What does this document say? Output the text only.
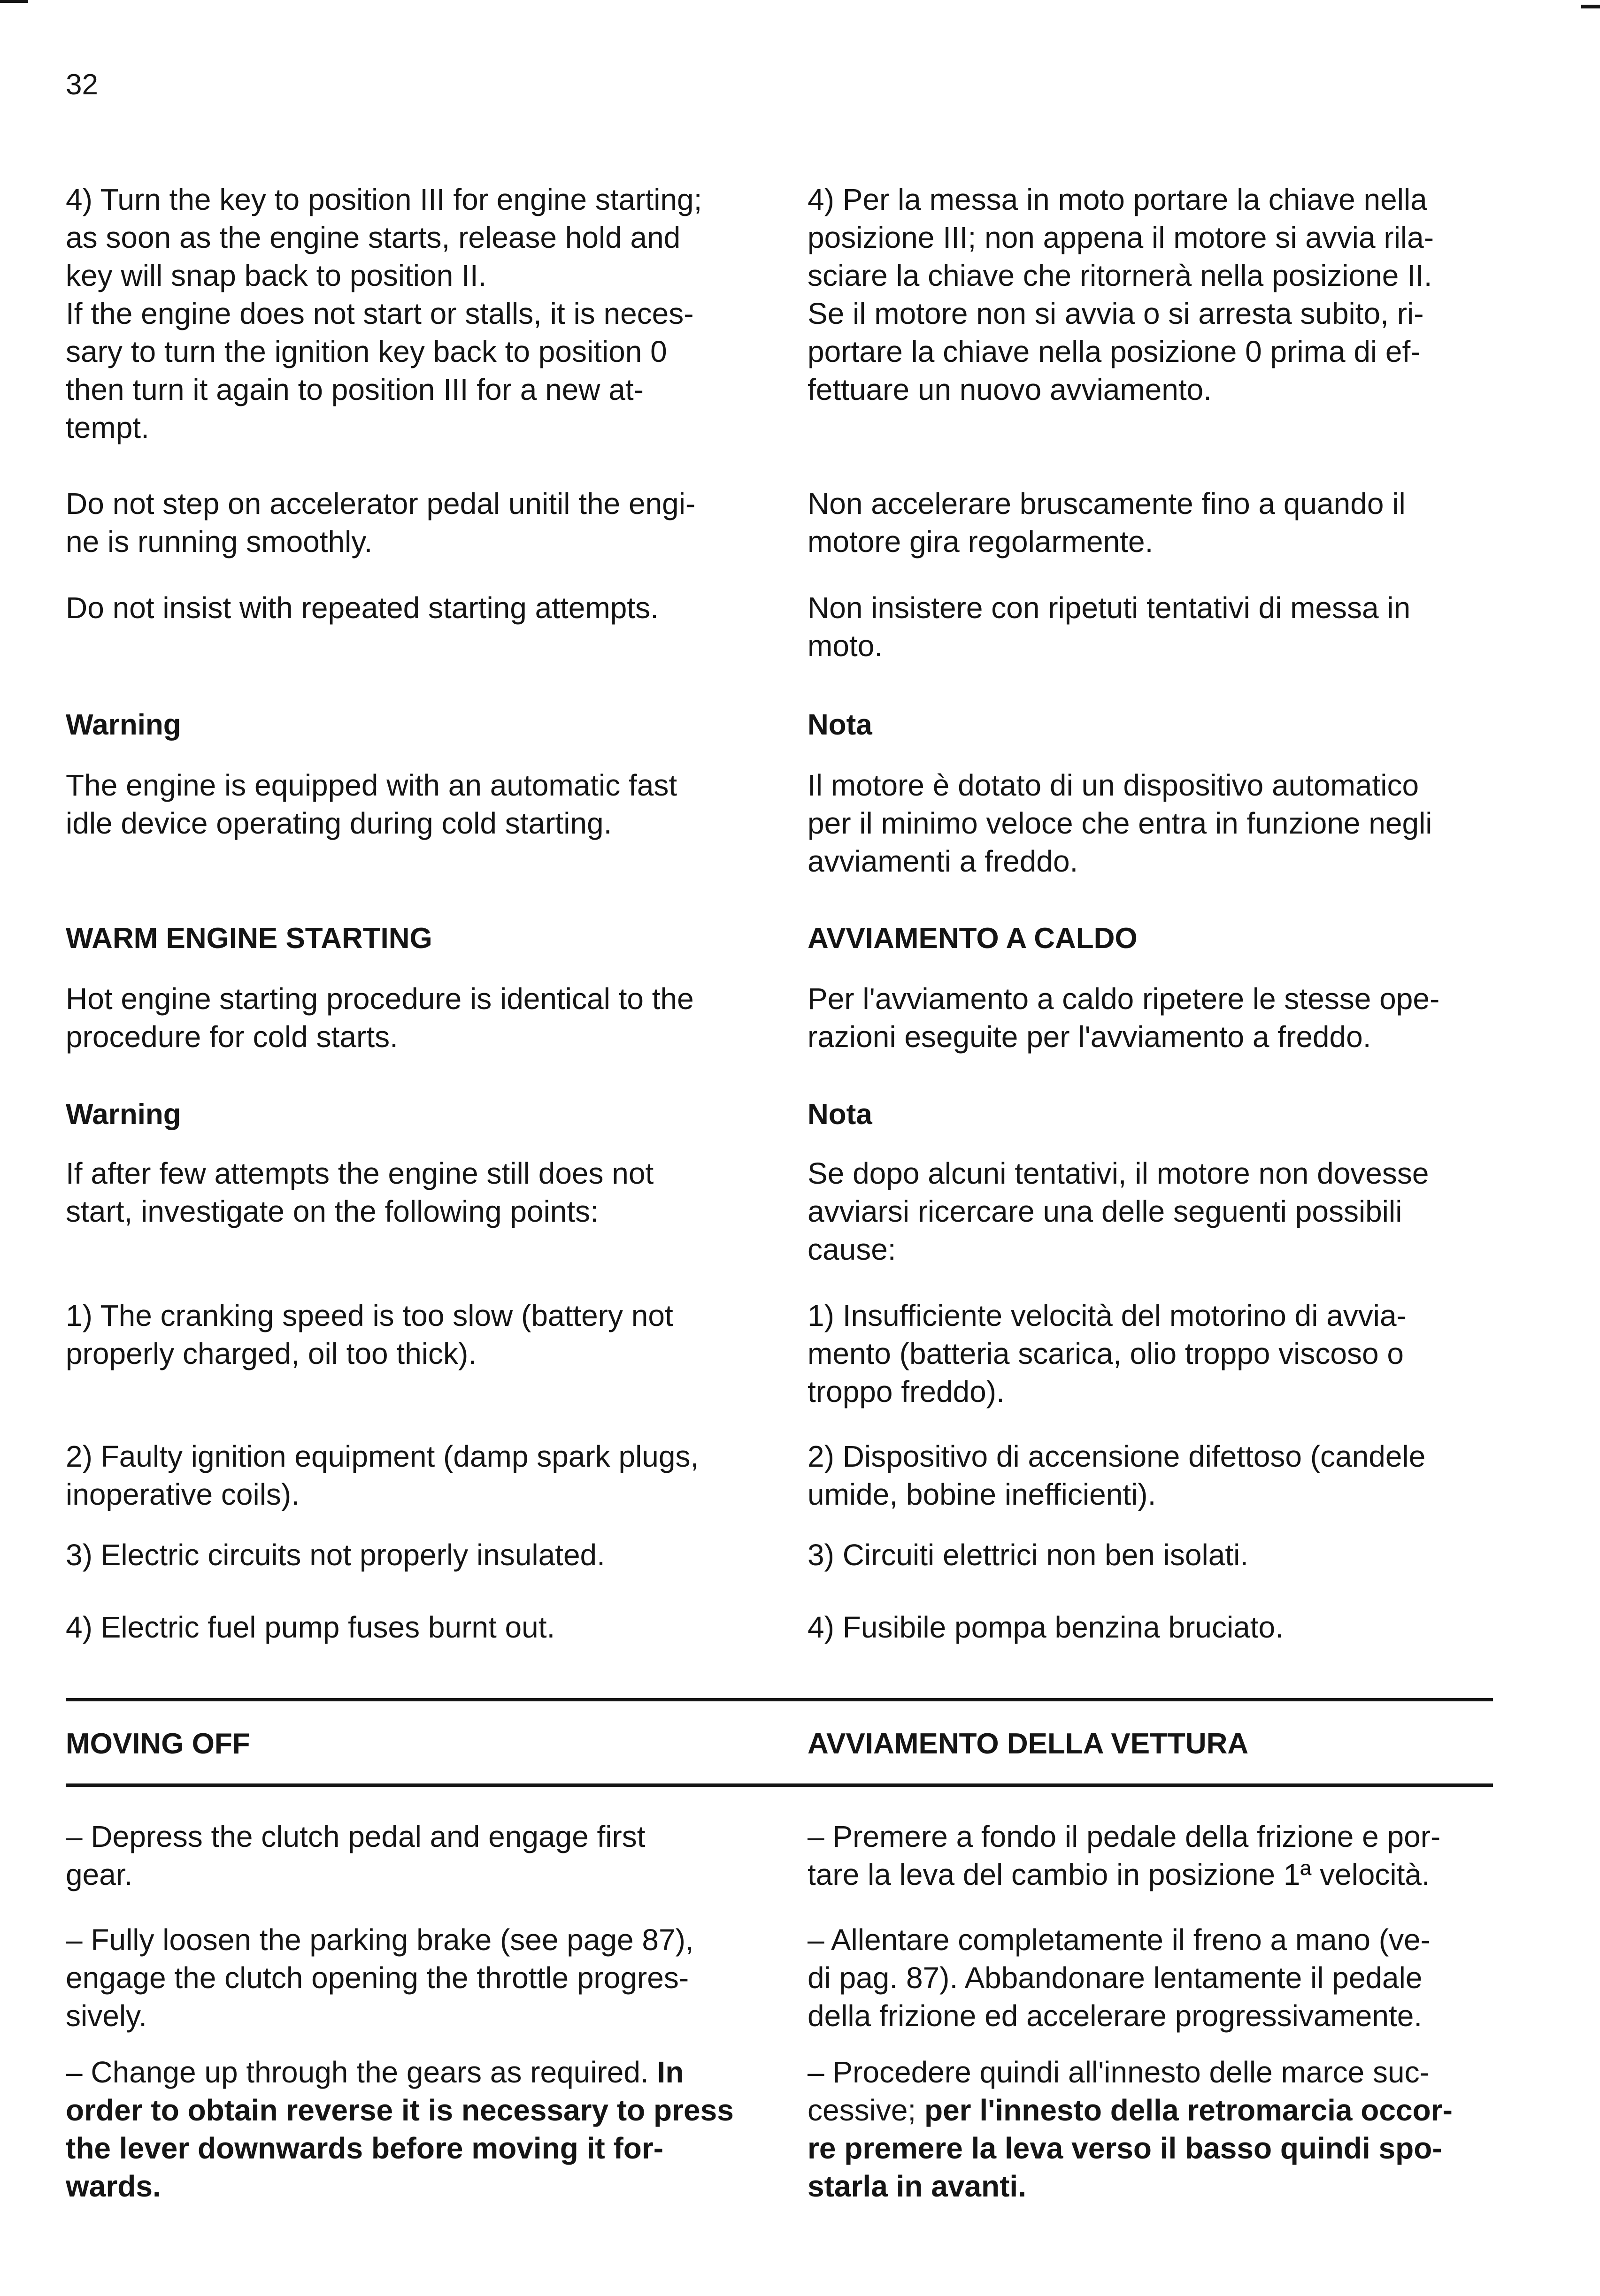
32
4) Turn the key to position III for engine starting;
as soon as the engine starts, release hold and
key will snap back to position II.
If the engine does not start or stalls, it is neces-
sary to turn the ignition key back to position 0
then turn it again to position III for a new at-
tempt.
4) Per la messa in moto portare la chiave nella
posizione III; non appena il motore si avvia rila-
sciare la chiave che ritornerà nella posizione II.
Se il motore non si avvia o si arresta subito, ri-
portare la chiave nella posizione 0 prima di ef-
fettuare un nuovo avviamento.
Do not step on accelerator pedal unitil the engi-
ne is running smoothly.
Non accelerare bruscamente fino a quando il
motore gira regolarmente.
Do not insist with repeated starting attempts.	Non insistere con ripetuti tentativi di messa in
moto.
Warning	Nota
The engine is equipped with an automatic fast
idle device operating during cold starting.
Il motore è dotato di un dispositivo automatico
per il minimo veloce che entra in funzione negli
avviamenti a freddo.
WARM ENGINE STARTING	AVVIAMENTO A CALDO
Hot engine starting procedure is identical to the
procedure for cold starts.
Per l'avviamento a caldo ripetere le stesse ope-
razioni eseguite per l'avviamento a freddo.
Warning	Nota
If after few attempts the engine still does not
start, investigate on the following points:
Se dopo alcuni tentativi, il motore non dovesse
avviarsi ricercare una delle seguenti possibili
cause:
1) The cranking speed is too slow (battery not
properly charged, oil too thick).
1) Insufficiente velocità del motorino di avvia-
mento (batteria scarica, olio troppo viscoso o
troppo freddo).
2) Faulty ignition equipment (damp spark plugs,
inoperative coils).
2) Dispositivo di accensione difettoso (candele
umide, bobine inefficienti).
3) Electric circuits not properly insulated.	3) Circuiti elettrici non ben isolati.
4) Electric fuel pump fuses burnt out.	4) Fusibile pompa benzina bruciato.
MOVING OFF	AVVIAMENTO DELLA VETTURA
– Depress the clutch pedal and engage first
gear.
– Premere a fondo il pedale della frizione e por-
tare la leva del cambio in posizione 1ª velocità.
– Fully loosen the parking brake (see page 87),
engage the clutch opening the throttle progres-
sively.
– Allentare completamente il freno a mano (ve-
di pag. 87). Abbandonare lentamente il pedale
della frizione ed accelerare progressivamente.
– Change up through the gears as required. In
order to obtain reverse it is necessary to press
the lever downwards before moving it for-
wards.
– Procedere quindi all'innesto delle marce suc-
cessive; per l'innesto della retromarcia occor-
re premere la leva verso il basso quindi spo-
starla in avanti.
